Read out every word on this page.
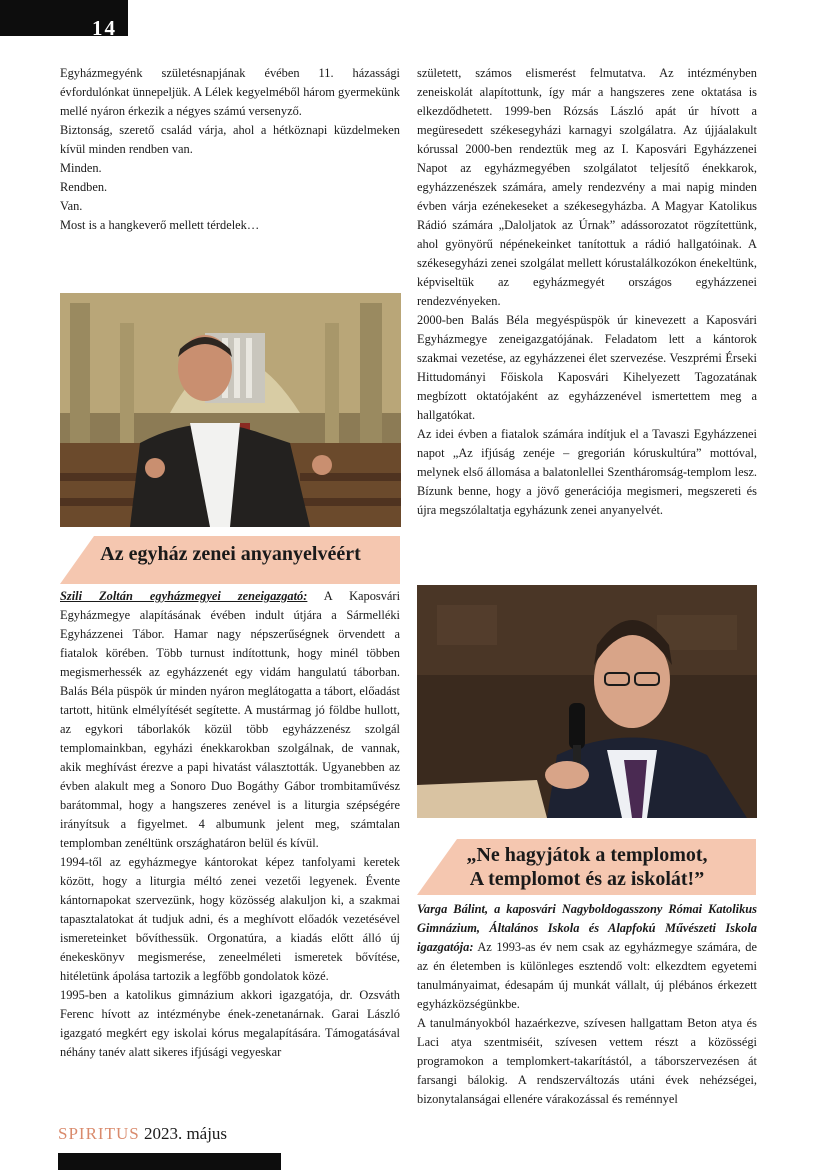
14

Egyházmegyénk születésnapjának évében 11. házassági évfordulónkat ünnepeljük. A Lélek kegyelméből három gyermekünk mellé nyáron érkezik a négyes számú versenyző.

Biztonság, szerető család várja, ahol a hétköznapi küzdelmeken kívül minden rendben van.

Minden.

Rendben.

Van.

Most is a hangkeverő mellett térdelek…

Az egyház zenei anyanyelvéért

Szili Zoltán egyházmegyei zeneigazgató: A Kaposvári Egyházmegye alapításának évében indult útjára a Sármelléki Egyházzenei Tábor. Hamar nagy népszerűségnek örvendett a fiatalok körében. Több turnust indítottunk, hogy minél többen megismerhessék az egyházzenét egy vidám hangulatú táborban. Balás Béla püspök úr minden nyáron meglátogatta a tábort, előadást tartott, hitünk elmélyítését segítette. A mustármag jó földbe hullott, az egykori táborlakók közül több egyházzenész szolgál templomainkban, egyházi énekkarokban szolgálnak, de vannak, akik meghívást érezve a papi hivatást választották. Ugyanebben az évben alakult meg a Sonoro Duo Bogáthy Gábor trombitaművész barátommal, hogy a hangszeres zenével is a liturgia szépségére irányítsuk a figyelmet. 4 albumunk jelent meg, számtalan templomban zenéltünk országhatáron belül és kívül.

1994-től az egyházmegye kántorokat képez tanfolyami keretek között, hogy a liturgia méltó zenei vezetői legyenek. Évente kántornapokat szervezünk, hogy közösség alakuljon ki, a szakmai tapasztalatokat át tudjuk adni, és a meghívott előadók vezetésével ismereteinket bővíthessük. Orgonatúra, a kiadás előtt álló új énekeskönyv megismerése, zeneelméleti ismeretek bővítése, hitéletünk ápolása tartozik a legfőbb gondolatok közé.

1995-ben a katolikus gimnázium akkori igazgatója, dr. Ozsváth Ferenc hívott az intézménybe ének-zenetanárnak. Garai László igazgató megkért egy iskolai kórus megalapítására. Támogatásával néhány tanév alatt sikeres ifjúsági vegyeskar

született, számos elismerést felmutatva. Az intézményben zeneiskolát alapítottunk, így már a hangszeres zene oktatása is elkezdődhetett. 1999-ben Rózsás László apát úr hívott a megüresedett székesegyházi karnagyi szolgálatra. Az újjáalakult kórussal 2000-ben rendeztük meg az I. Kaposvári Egyházzenei Napot az egyházmegyében szolgálatot teljesítő énekkarok, egyházzenészek számára, amely rendezvény a mai napig minden évben várja ezénekeseket a székesegyházba. A Magyar Katolikus Rádió számára „Daloljatok az Úrnak” adássorozatot rögzítettünk, ahol gyönyörű népénekeinket tanítottuk a rádió hallgatóinak. A székesegyházi zenei szolgálat mellett kórustalálkozókon énekeltünk, képviseltük az egyházmegyét országos egyházzenei rendezvényeken.

2000-ben Balás Béla megyéspüspök úr kinevezett a Kaposvári Egyházmegye zeneigazgatójának. Feladatom lett a kántorok szakmai vezetése, az egyházzenei élet szervezése. Veszprémi Érseki Hittudományi Főiskola Kaposvári Kihelyezett Tagozatának megbízott oktatójaként az egyházzenével ismertettem meg a hallgatókat.

Az idei évben a fiatalok számára indítjuk el a Tavaszi Egyházzenei napot „Az ifjúság zenéje – gregorián kóruskultúra” mottóval, melynek első állomása a balatonlellei Szentháromság-templom lesz. Bízunk benne, hogy a jövő generációja megismeri, megszereti és újra megszólaltatja egyházunk zenei anyanyelvét.

„Ne hagyjátok a templomot,
A templomot és az iskolát!”

Varga Bálint, a kaposvári Nagyboldogasszony Római Katolikus Gimnázium, Általános Iskola és Alapfokú Művészeti Iskola igazgatója: Az 1993-as év nem csak az egyházmegye számára, de az én életemben is különleges esztendő volt: elkezdtem egyetemi tanulmányaimat, édesapám új munkát vállalt, új plébános érkezett egyházközségünkbe.

A tanulmányokból hazaérkezve, szívesen hallgattam Beton atya és Laci atya szentmiséit, szívesen vettem részt a közösségi programokon a templomkert-takarítástól, a táborszervezésen át farsangi bálokig. A rendszerváltozás utáni évek nehézségei, bizonytalanságai ellenére várakozással és reménnyel

SPIRITUS 2023. május
